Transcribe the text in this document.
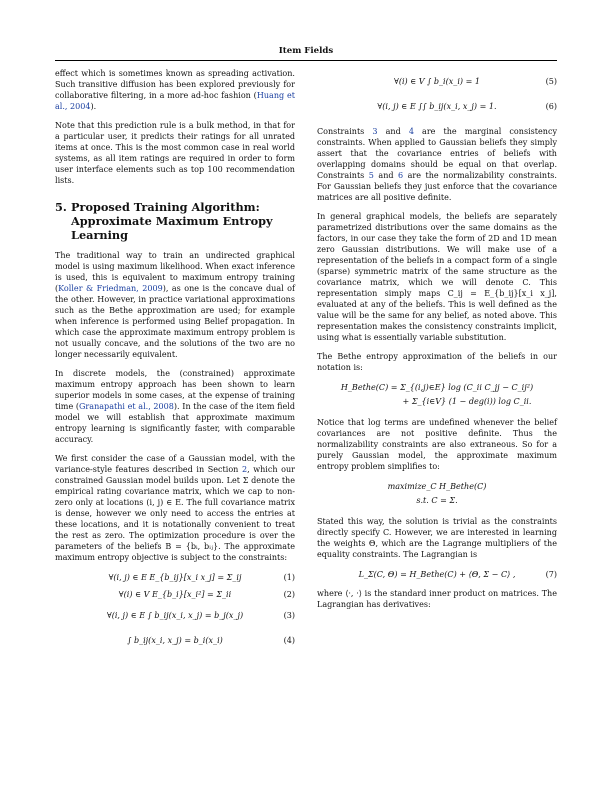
Item Fields

effect which is sometimes known as spreading activation. Such transitive diffusion has been explored previously for collaborative filtering, in a more ad-hoc fashion (Huang et al., 2004).

Note that this prediction rule is a bulk method, in that for a particular user, it predicts their ratings for all unrated items at once. This is the most common case in real world systems, as all item ratings are required in order to form user interface elements such as top 100 recommendation lists.

5. Proposed Training Algorithm:
Approximate Maximum Entropy Learning

The traditional way to train an undirected graphical model is using maximum likelihood. When exact inference is used, this is equivalent to maximum entropy training (Koller & Friedman, 2009), as one is the concave dual of the other. However, in practice variational approximations such as the Bethe approximation are used; for example when inference is performed using Belief propagation. In which case the approximate maximum entropy problem is not usually concave, and the solutions of the two are no longer necessarily equivalent.

In discrete models, the (constrained) approximate maximum entropy approach has been shown to learn superior models in some cases, at the expense of training time (Granapathi et al., 2008). In the case of the item field model we will establish that approximate maximum entropy learning is significantly faster, with comparable accuracy.

We first consider the case of a Gaussian model, with the variance-style features described in Section 2, which our constrained Gaussian model builds upon. Let Σ denote the empirical rating covariance matrix, which we cap to non-zero only at locations (i, j) ∈ E. The full covariance matrix is dense, however we only need to access the entries at these locations, and it is notationally convenient to treat the rest as zero. The optimization procedure is over the parameters of the beliefs B = {bᵢ, bᵢⱼ}. The approximate maximum entropy objective is subject to the constraints:

∀(i, j) ∈ E E_{b_ij}[x_i x_j] = Σ_ij	(1)
∀(i) ∈ V E_{b_i}[x_i²] = Σ_ii	(2)
∀(i, j) ∈ E ∫ b_ij(x_i, x_j) = b_j(x_j)	(3)
∫ b_ij(x_i, x_j) = b_i(x_i)	(4)
∀(i) ∈ V ∫ b_i(x_i) = 1	(5)
∀(i, j) ∈ E ∫∫ b_ij(x_i, x_j) = 1.	(6)

Constraints 3 and 4 are the marginal consistency constraints. When applied to Gaussian beliefs they simply assert that the covariance entries of beliefs with overlapping domains should be equal on that overlap. Constraints 5 and 6 are the normalizability constraints. For Gaussian beliefs they just enforce that the covariance matrices are all positive definite.

In general graphical models, the beliefs are separately parametrized distributions over the same domains as the factors, in our case they take the form of 2D and 1D mean zero Gaussian distributions. We will make use of a representation of the beliefs in a compact form of a single (sparse) symmetric matrix of the same structure as the covariance matrix, which we will denote C. This representation simply maps C_ij = E_{b_ij}[x_i x_j], evaluated at any of the beliefs. This is well defined as the value will be the same for any belief, as noted above. This representation makes the consistency constraints implicit, using what is essentially variable substitution.

The Bethe entropy approximation of the beliefs in our notation is:

H_Bethe(C) = Σ_{(i,j)∈E} log (C_ii C_jj − C_ij²)
+ Σ_{i∈V} (1 − deg(i)) log C_ii.

Notice that log terms are undefined whenever the belief covariances are not positive definite. Thus the normalizability constraints are also extraneous. So for a purely Gaussian model, the approximate maximum entropy problem simplifies to:

maximize_C H_Bethe(C)
s.t. C = Σ.

Stated this way, the solution is trivial as the constraints directly specify C. However, we are interested in learning the weights Θ, which are the Lagrange multipliers of the equality constraints. The Lagrangian is

L_Σ(C, Θ) = H_Bethe(C) + ⟨Θ, Σ − C⟩ ,	(7)

where ⟨·, ·⟩ is the standard inner product on matrices. The Lagrangian has derivatives:
